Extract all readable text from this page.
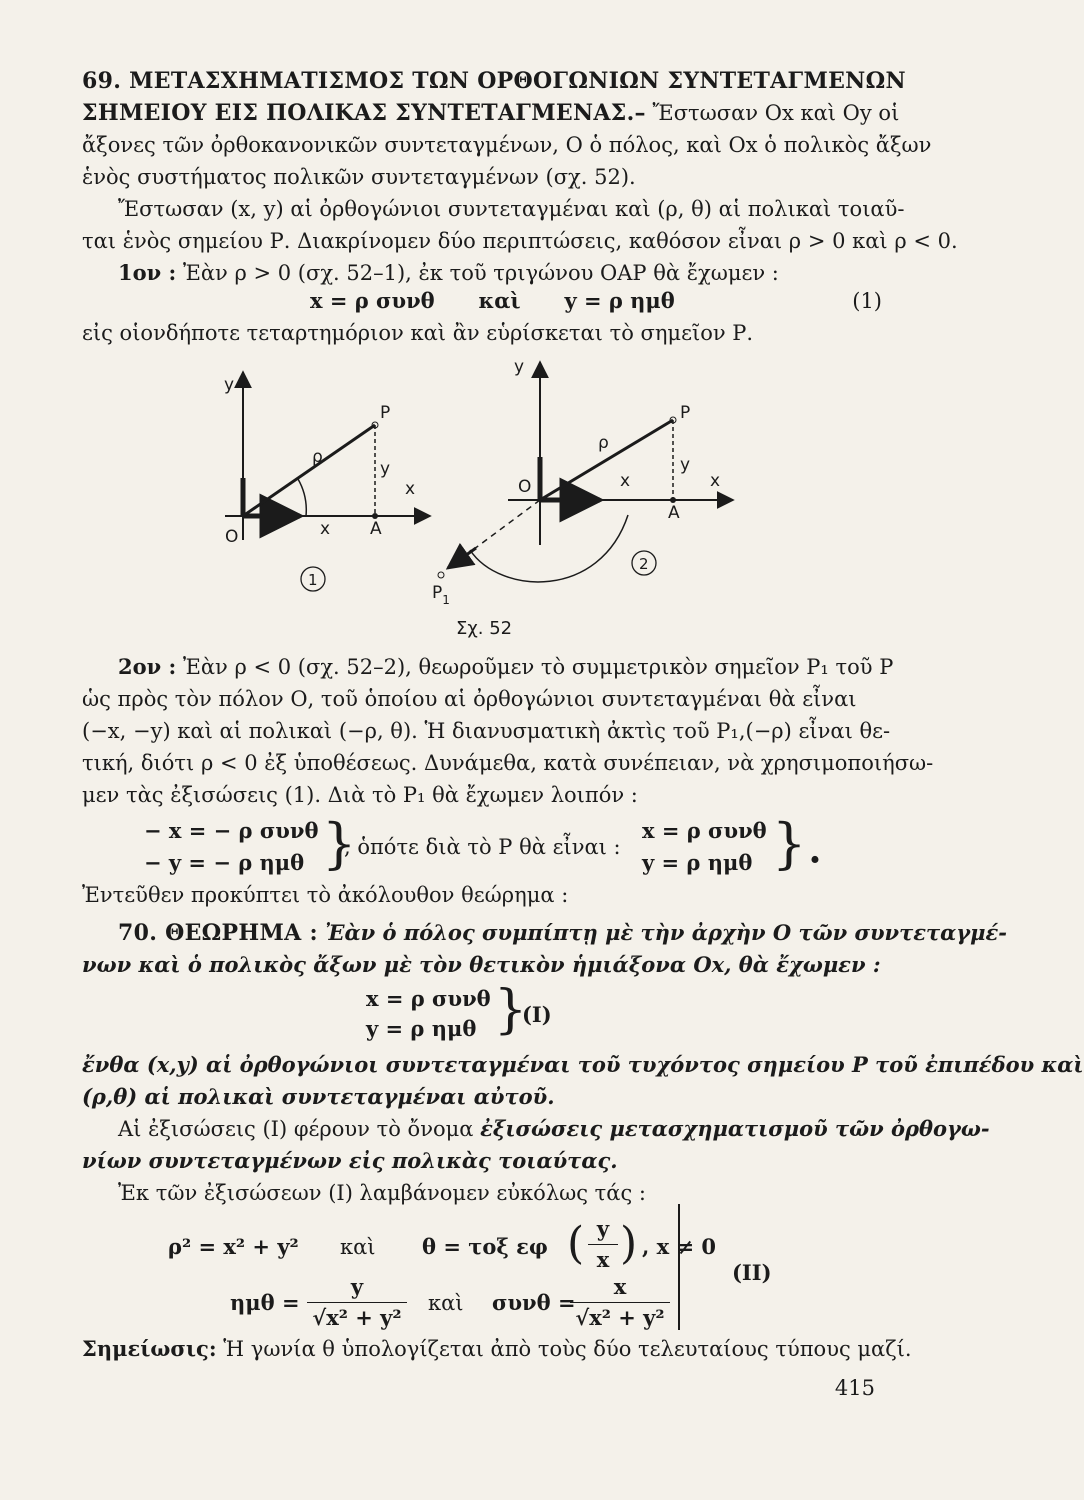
69. ΜΕΤΑΣΧΗΜΑΤΙΣΜΟΣ ΤΩΝ ΟΡΘΟΓΩΝΙΩΝ ΣΥΝΤΕΤΑΓΜΕΝΩΝ
ΣΗΜΕΙΟΥ ΕΙΣ ΠΟΛΙΚΑΣ ΣΥΝΤΕΤΑΓΜΕΝΑΣ.– Ἔστωσαν Οx καὶ Οy οἱ
ἄξονες τῶν ὀρθοκανονικῶν συντεταγμένων, Ο ὁ πόλος, καὶ Οx ὁ πολικὸς ἄξων
ἑνὸς συστήματος πολικῶν συντεταγμένων (σχ. 52).
Ἔστωσαν (x, y) αἱ ὀρθογώνιοι συντεταγμέναι καὶ (ρ, θ) αἱ πολικαὶ τοιαῦ-
ται ἑνὸς σημείου Ρ. Διακρίνομεν δύο περιπτώσεις, καθόσον εἶναι ρ > 0 καὶ ρ < 0.
1ον : Ἐὰν ρ > 0 (σχ. 52–1), ἐκ τοῦ τριγώνου ΟΑΡ θὰ ἔχωμεν :
x = ρ συνθ      καὶ      y = ρ ημθ	(1)
εἰς οἱονδήποτε τεταρτημόριον καὶ ἂν εὑρίσκεται τὸ σημεῖον Ρ.
y
P
ρ
y
x
O	x A
1
y
P
ρ
O	x
y
x
A
$P_1$
2
Σχ. 52
2ον : Ἐὰν ρ < 0 (σχ. 52–2), θεωροῦμεν τὸ συμμετρικὸν σημεῖον Ρ₁ τοῦ Ρ
ὡς πρὸς τὸν πόλον Ο, τοῦ ὁποίου αἱ ὀρθογώνιοι συντεταγμέναι θὰ εἶναι
(−x, −y) καὶ αἱ πολικαὶ (−ρ, θ). Ἡ διανυσματικὴ ἀκτὶς τοῦ Ρ₁,(−ρ) εἶναι θε-
τική, διότι ρ < 0 ἐξ ὑποθέσεως. Δυνάμεθα, κατὰ συνέπειαν, νὰ χρησιμοποιήσω-
μεν τὰς ἐξισώσεις (1). Διὰ τὸ Ρ₁ θὰ ἔχωμεν λοιπόν :
− x = − ρ συνθ
− y = − ρ ημθ }
, ὁπότε διὰ τὸ Ρ θὰ εἶναι :
x = ρ συνθ
y = ρ ημθ }.
Ἐντεῦθεν προκύπτει τὸ ἀκόλουθον θεώρημα :
70. ΘΕΩΡΗΜΑ : Ἐὰν ὁ πόλος συμπίπτῃ μὲ τὴν ἀρχὴν Ο τῶν συντεταγμέ-
νων καὶ ὁ πολικὸς ἄξων μὲ τὸν θετικὸν ἡμιάξονα Οx, θὰ ἔχωμεν :
x = ρ συνθ
y = ρ ημθ }
(Ι)
ἔνθα (x,y) αἱ ὀρθογώνιοι συντεταγμέναι τοῦ τυχόντος σημείου Ρ τοῦ ἐπιπέδου καὶ
(ρ,θ) αἱ πολικαὶ συντεταγμέναι αὐτοῦ.
Αἱ ἐξισώσεις (Ι) φέρουν τὸ ὄνομα ἐξισώσεις μετασχηματισμοῦ τῶν ὀρθογω-
νίων συντεταγμένων εἰς πολικὰς τοιαύτας.
Ἐκ τῶν ἐξισώσεων (Ι) λαμβάνομεν εὐκόλως τάς :
ρ² = x² + y² καὶ θ = τοξ εφ ( $\frac{y}{x}$ ) , x ≠ 0
$\eta\mu\theta = \frac{y}{\text{√x² + y²}}$ καὶ συνθ =
$\frac{x}{\text{√x² + y²}}$	(ΙΙ)
Σημείωσις: Ἡ γωνία θ ὑπολογίζεται ἀπὸ τοὺς δύο τελευταίους τύπους μαζί.
415
